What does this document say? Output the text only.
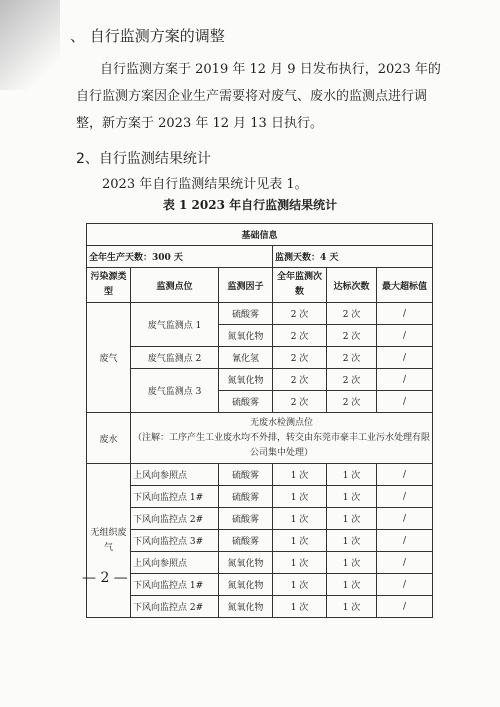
、 自行监测方案的调整
自行监测方案于 2019 年 12 月 9 日发布执行，2023 年的自行监测方案因企业生产需要将对废气、废水的监测点进行调整，新方案于 2023 年 12 月 13 日执行。
2、自行监测结果统计
2023 年自行监测结果统计见表 1。
表 1 2023 年自行监测结果统计
基础信息					
全年生产天数：300 天			监测天数：4 天		
污染源类型	监测点位	监测因子	全年监测次数	达标次数	最大超标值
废气	废气监测点 1	硫酸雾	2 次	2 次	/
		氮氧化物	2 次	2 次	/
	废气监测点 2	氰化氢	2 次	2 次	/
	废气监测点 3	氮氧化物	2 次	2 次	/
		硫酸雾	2 次	2 次	/
废水	无废水检测点位
（注解：工序产生工业废水均不外排，转交由东莞市豪丰工业污水处理有限公司集中处理）				

无组织废气	上风向参照点	硫酸雾	1 次	1 次	/
	下风向监控点 1#	硫酸雾	1 次	1 次	/
	下风向监控点 2#	硫酸雾	1 次	1 次	/
	下风向监控点 3#	硫酸雾	1 次	1 次	/
	上风向参照点	氮氧化物	1 次	1 次	/
	下风向监控点 1#	氮氧化物	1 次	1 次	/
	下风向监控点 2#	氮氧化物	1 次	1 次	/
— 2 —
